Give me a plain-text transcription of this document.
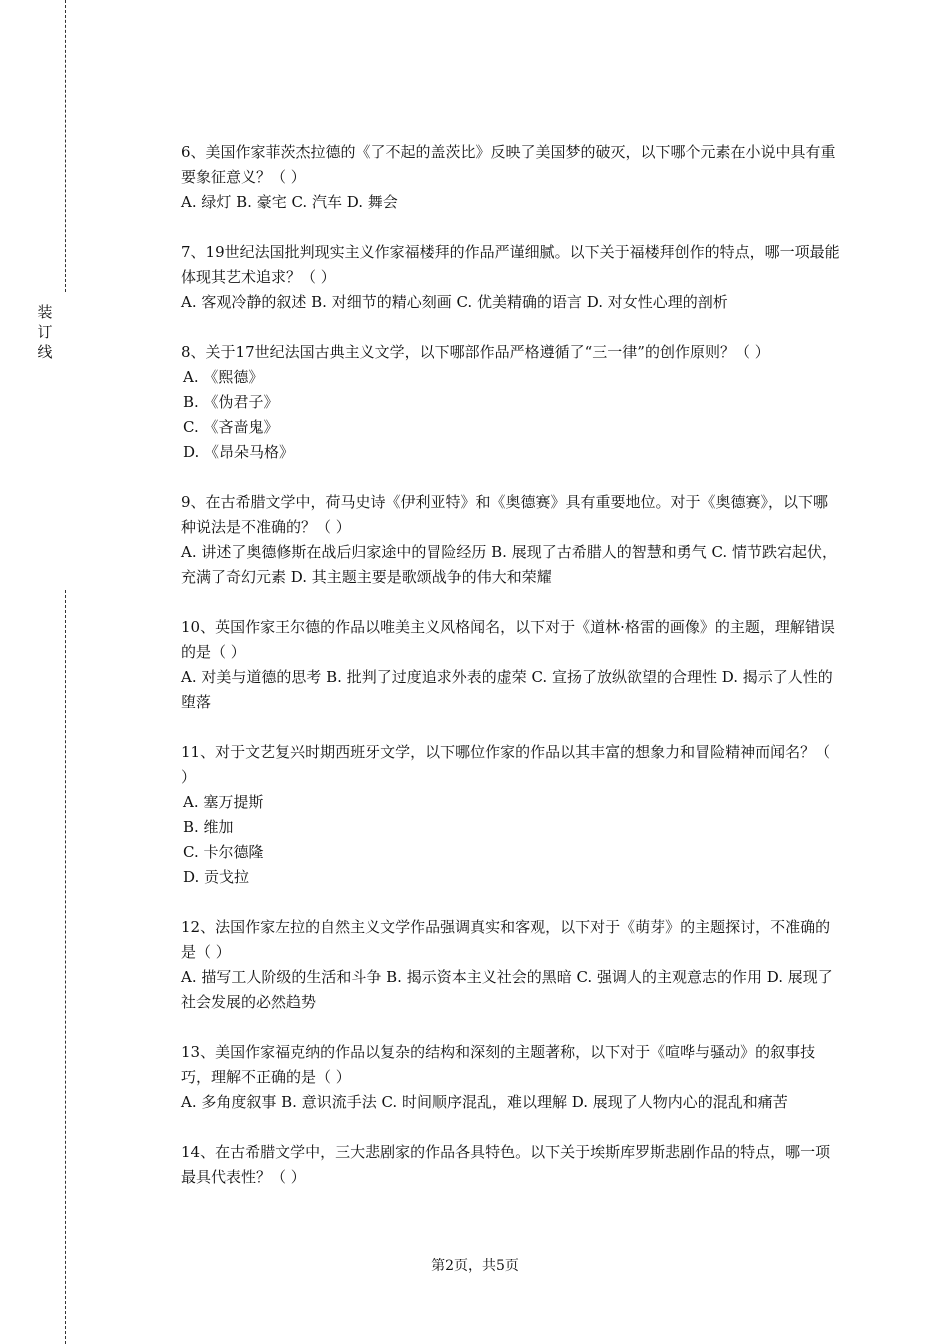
装
订
线

6、美国作家菲茨杰拉德的《了不起的盖茨比》反映了美国梦的破灭，以下哪个元素在小说中具有重要象征意义？（ ）

A. 绿灯 B. 豪宅 C. 汽车 D. 舞会

7、19世纪法国批判现实主义作家福楼拜的作品严谨细腻。以下关于福楼拜创作的特点，哪一项最能体现其艺术追求？（ ）

A. 客观冷静的叙述 B. 对细节的精心刻画 C. 优美精确的语言 D. 对女性心理的剖析

8、关于17世纪法国古典主义文学，以下哪部作品严格遵循了“三一律”的创作原则？（ ）

A. 《熙德》

B. 《伪君子》

C. 《吝啬鬼》

D. 《昂朵马格》

9、在古希腊文学中，荷马史诗《伊利亚特》和《奥德赛》具有重要地位。对于《奥德赛》，以下哪种说法是不准确的？（ ）

A. 讲述了奥德修斯在战后归家途中的冒险经历 B. 展现了古希腊人的智慧和勇气 C. 情节跌宕起伏，充满了奇幻元素 D. 其主题主要是歌颂战争的伟大和荣耀

10、英国作家王尔德的作品以唯美主义风格闻名，以下对于《道林·格雷的画像》的主题，理解错误的是（ ）

A. 对美与道德的思考 B. 批判了过度追求外表的虚荣 C. 宣扬了放纵欲望的合理性 D. 揭示了人性的堕落

11、对于文艺复兴时期西班牙文学，以下哪位作家的作品以其丰富的想象力和冒险精神而闻名？（ ）

A. 塞万提斯

B. 维加

C. 卡尔德隆

D. 贡戈拉

12、法国作家左拉的自然主义文学作品强调真实和客观，以下对于《萌芽》的主题探讨，不准确的是（ ）

A. 描写工人阶级的生活和斗争 B. 揭示资本主义社会的黑暗 C. 强调人的主观意志的作用 D. 展现了社会发展的必然趋势

13、美国作家福克纳的作品以复杂的结构和深刻的主题著称，以下对于《喧哗与骚动》的叙事技巧，理解不正确的是（ ）

A. 多角度叙事 B. 意识流手法 C. 时间顺序混乱，难以理解 D. 展现了人物内心的混乱和痛苦

14、在古希腊文学中，三大悲剧家的作品各具特色。以下关于埃斯库罗斯悲剧作品的特点，哪一项最具代表性？（ ）

第2页，共5页
